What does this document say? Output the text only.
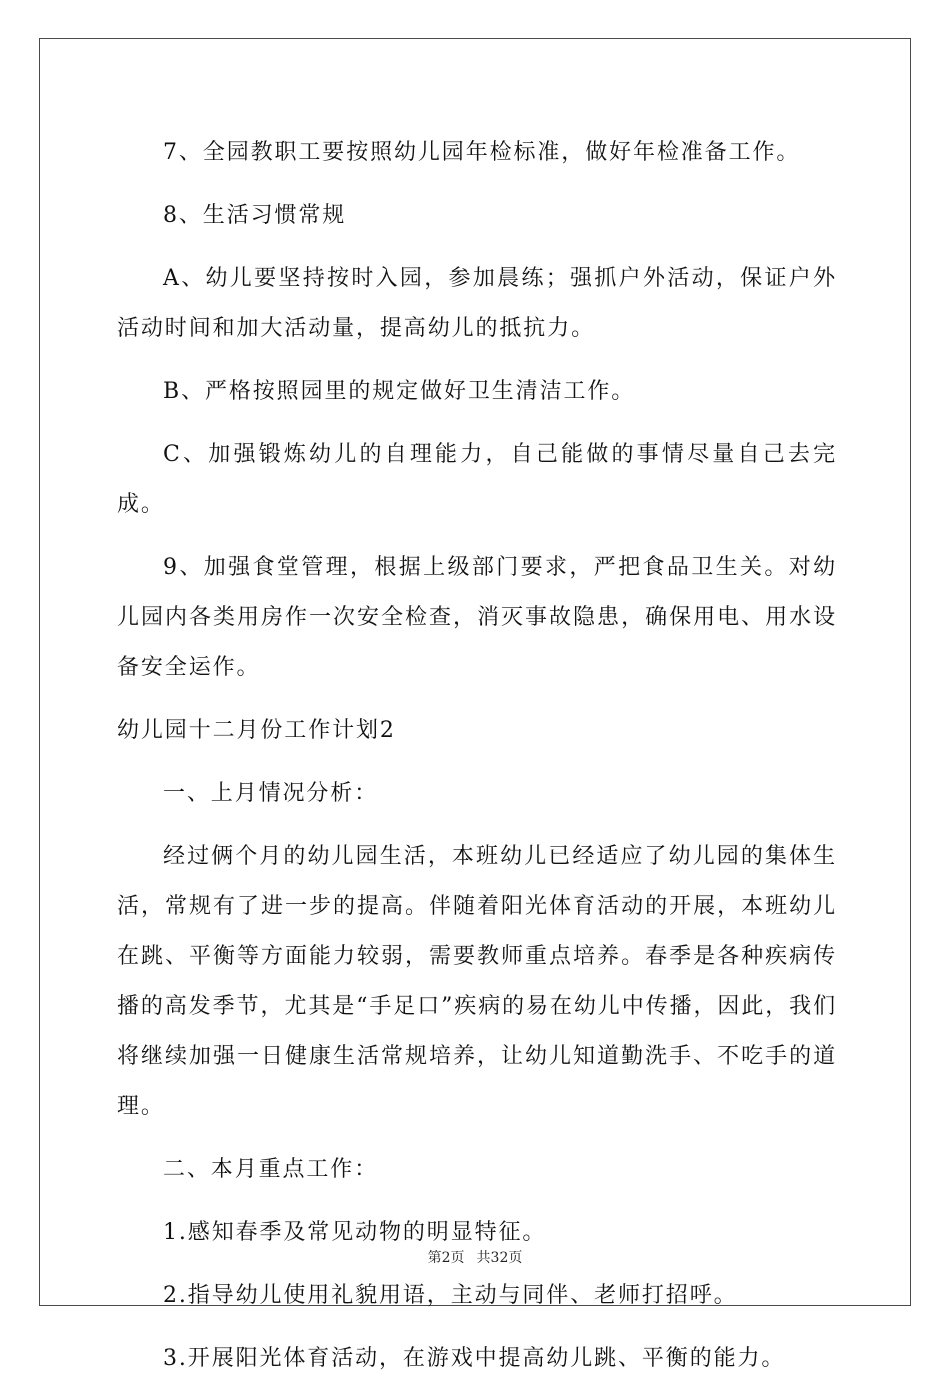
7、全园教职工要按照幼儿园年检标准，做好年检准备工作。

8、生活习惯常规

A、幼儿要坚持按时入园，参加晨练；强抓户外活动，保证户外活动时间和加大活动量，提高幼儿的抵抗力。

B、严格按照园里的规定做好卫生清洁工作。

C、加强锻炼幼儿的自理能力，自己能做的事情尽量自己去完成。

9、加强食堂管理，根据上级部门要求，严把食品卫生关。对幼儿园内各类用房作一次安全检查，消灭事故隐患，确保用电、用水设备安全运作。

幼儿园十二月份工作计划2

一、上月情况分析：

经过俩个月的幼儿园生活，本班幼儿已经适应了幼儿园的集体生活，常规有了进一步的提高。伴随着阳光体育活动的开展，本班幼儿在跳、平衡等方面能力较弱，需要教师重点培养。春季是各种疾病传播的高发季节，尤其是“手足口”疾病的易在幼儿中传播，因此，我们将继续加强一日健康生活常规培养，让幼儿知道勤洗手、不吃手的道理。

二、本月重点工作：

1.感知春季及常见动物的明显特征。

2.指导幼儿使用礼貌用语，主动与同伴、老师打招呼。

3.开展阳光体育活动，在游戏中提高幼儿跳、平衡的能力。

第2页 共32页
